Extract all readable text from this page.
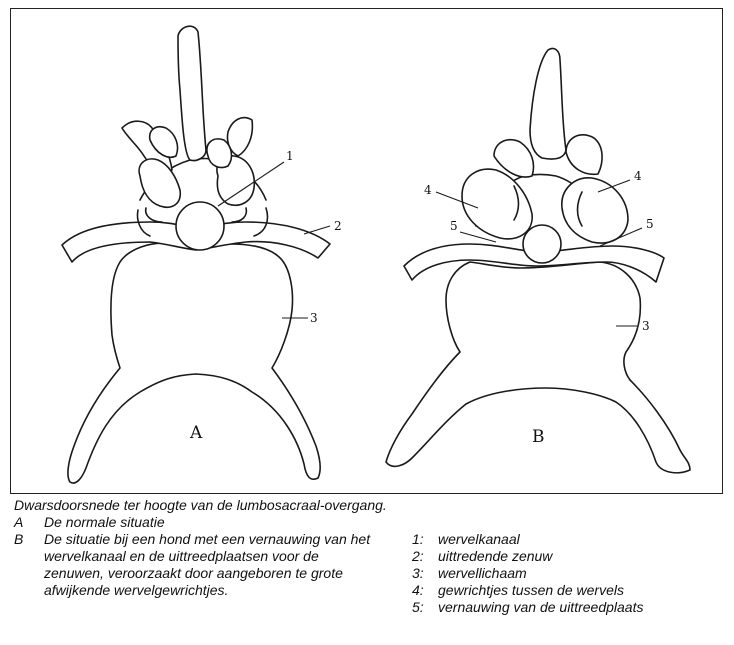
1
2
3
A
4
4
5	5
3
B
Dwarsdoorsnede ter hoogte van de lumbosacraal-overgang.
A	De normale situatie
B	De situatie bij een hond met een vernauwing van het wervelkanaal en de uittreedplaatsen voor de zenuwen, veroorzaakt door aangeboren te grote afwijkende wervelgewrichtjes.
1: wervelkanaal
2: uittredende zenuw
3: wervellichaam
4: gewrichtjes tussen de wervels
5: vernauwing van de uittreedplaats
